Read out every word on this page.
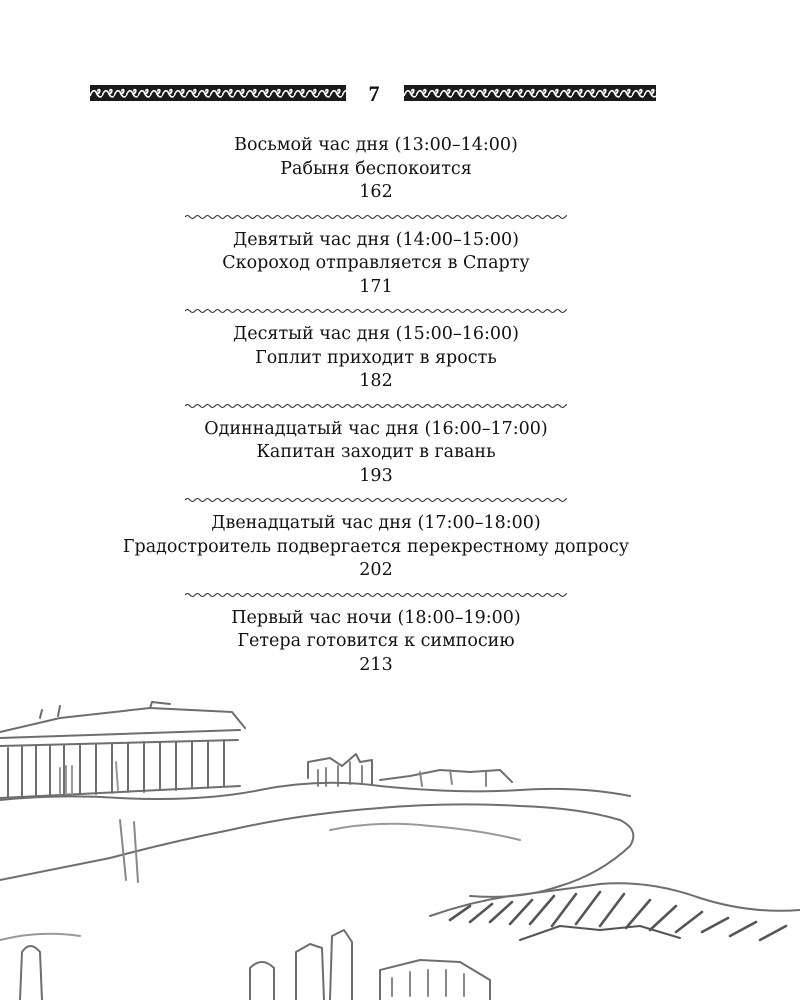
7
Восьмой час дня (13:00–14:00)
Рабыня беспокоится
162
Девятый час дня (14:00–15:00)
Скороход отправляется в Спарту
171
Десятый час дня (15:00–16:00)
Гоплит приходит в ярость
182
Одиннадцатый час дня (16:00–17:00)
Капитан заходит в гавань
193
Двенадцатый час дня (17:00–18:00)
Градостроитель подвергается перекрестному допросу
202
Первый час ночи (18:00–19:00)
Гетера готовится к симпосию
213
